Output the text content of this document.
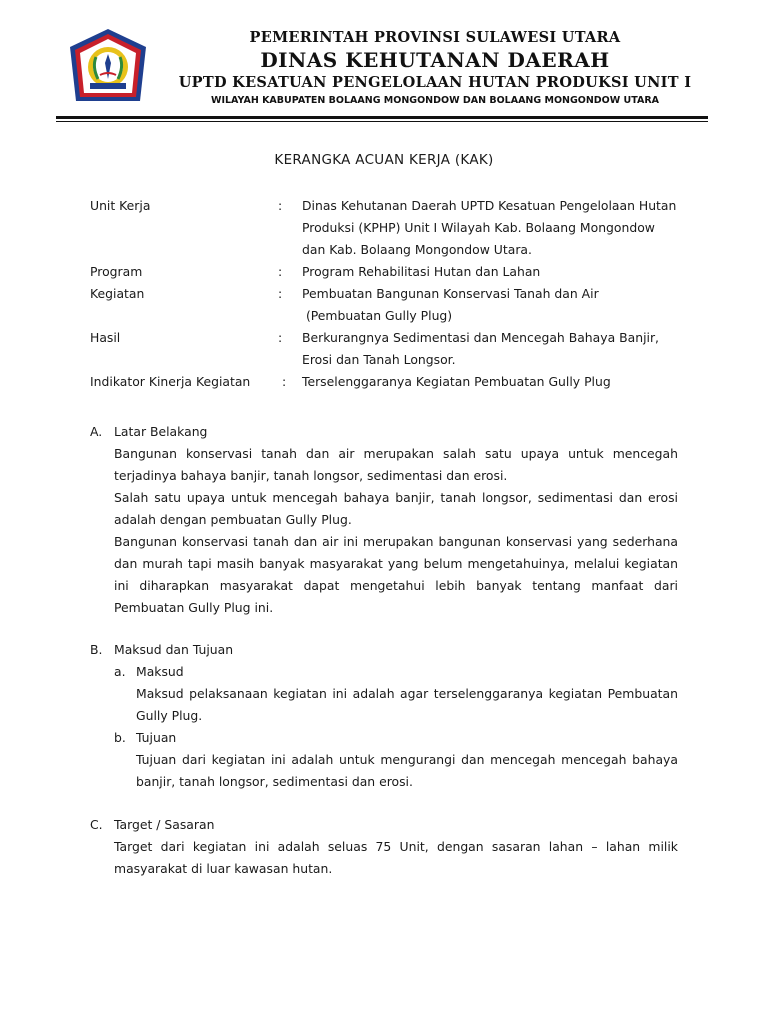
PEMERINTAH PROVINSI SULAWESI UTARA
DINAS KEHUTANAN DAERAH
UPTD KESATUAN PENGELOLAAN HUTAN PRODUKSI UNIT I
WILAYAH KABUPATEN BOLAANG MONGONDOW DAN BOLAANG MONGONDOW UTARA
KERANGKA ACUAN KERJA (KAK)
Unit Kerja	:	Dinas Kehutanan Daerah UPTD Kesatuan Pengelolaan Hutan
Produksi (KPHP) Unit I Wilayah Kab. Bolaang Mongondow
dan Kab. Bolaang Mongondow Utara.
Program	:	Program Rehabilitasi Hutan dan Lahan
Kegiatan	:	Pembuatan Bangunan Konservasi Tanah dan Air
(Pembuatan Gully Plug)
Hasil	:	Berkurangnya Sedimentasi dan Mencegah Bahaya Banjir,
Erosi dan Tanah Longsor.
Indikator Kinerja Kegiatan	:	Terselenggaranya Kegiatan Pembuatan Gully Plug
A. Latar Belakang

Bangunan konservasi tanah dan air merupakan salah satu upaya untuk mencegah terjadinya bahaya banjir, tanah longsor, sedimentasi dan erosi.

Salah satu upaya untuk mencegah bahaya banjir, tanah longsor, sedimentasi dan erosi adalah dengan pembuatan Gully Plug.

Bangunan konservasi tanah dan air ini merupakan bangunan konservasi yang sederhana dan murah tapi masih banyak masyarakat yang belum mengetahuinya, melalui kegiatan ini diharapkan masyarakat dapat mengetahui lebih banyak tentang manfaat dari Pembuatan Gully Plug ini.

B. Maksud dan Tujuan
a. Maksud

Maksud pelaksanaan kegiatan ini adalah agar terselenggaranya kegiatan Pembuatan Gully Plug.

b. Tujuan

Tujuan dari kegiatan ini adalah untuk mengurangi dan mencegah mencegah bahaya banjir, tanah longsor, sedimentasi dan erosi.

C. Target / Sasaran

Target dari kegiatan ini adalah seluas 75 Unit, dengan sasaran lahan – lahan milik masyarakat di luar kawasan hutan.
